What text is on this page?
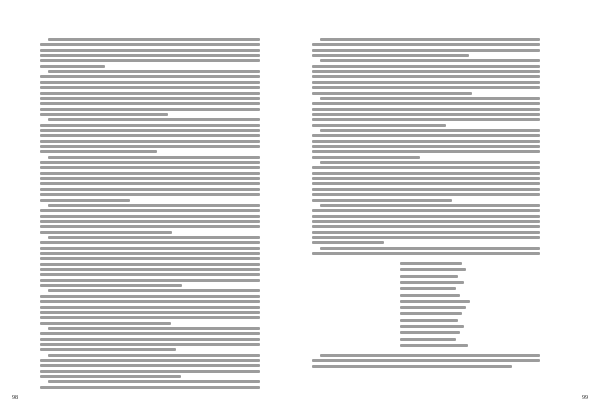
98	99
